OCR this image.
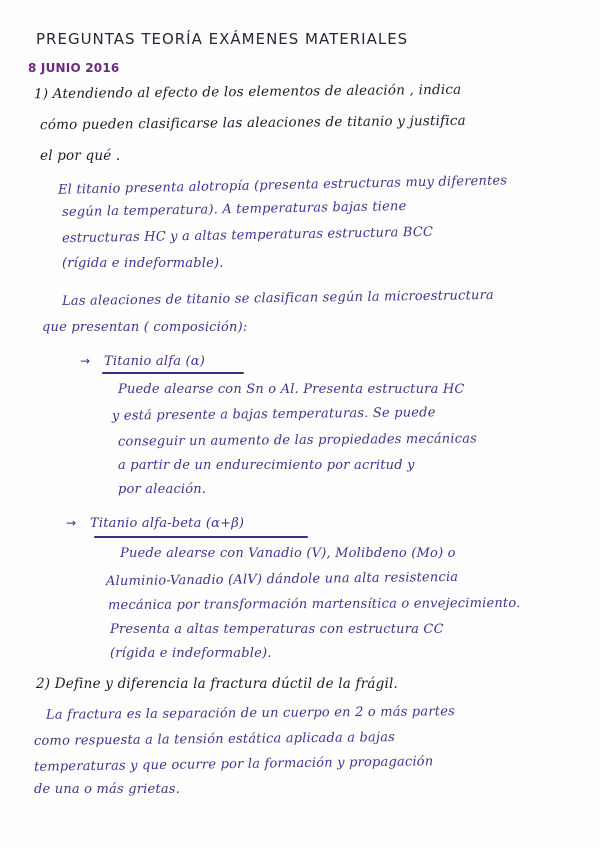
PREGUNTAS TEORÍA EXÁMENES MATERIALES
8 JUNIO 2016
1) Atendiendo al efecto de los elementos de aleación , indica
cómo pueden clasificarse las aleaciones de titanio y justifica
el por qué .
El titanio presenta alotropía (presenta estructuras muy diferentes
según la temperatura). A temperaturas bajas tiene
estructuras HC y a altas temperaturas estructura BCC
(rígida e indeformable).
Las aleaciones de titanio se clasifican según la microestructura
que presentan ( composición):
→ Titanio alfa (α)
Puede alearse con Sn o Al. Presenta estructura HC
y está presente a bajas temperaturas. Se puede
conseguir un aumento de las propiedades mecánicas
a partir de un endurecimiento por acritud y
por aleación.
→ Titanio alfa-beta (α+β)
Puede alearse con Vanadio (V), Molibdeno (Mo) o
Aluminio-Vanadio (AlV) dándole una alta resistencia
mecánica por transformación martensítica o envejecimiento.
Presenta a altas temperaturas con estructura CC
(rígida e indeformable).
2) Define y diferencia la fractura dúctil de la frágil.
La fractura es la separación de un cuerpo en 2 o más partes
como respuesta a la tensión estática aplicada a bajas
temperaturas y que ocurre por la formación y propagación
de una o más grietas.
